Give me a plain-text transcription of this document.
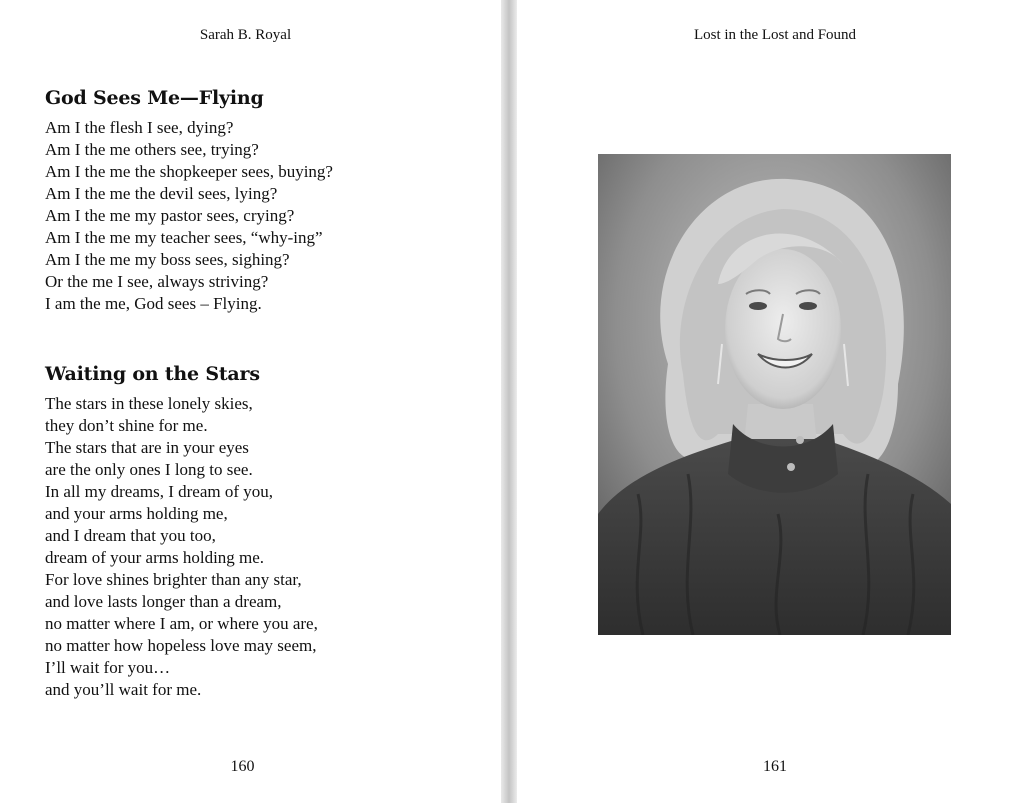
Sarah B. Royal
God Sees Me—Flying
Am I the flesh I see, dying?
Am I the me others see, trying?
Am I the me the shopkeeper sees, buying?
Am I the me the devil sees, lying?
Am I the me my pastor sees, crying?
Am I the me my teacher sees, “why-ing”
Am I the me my boss sees, sighing?
Or the me I see, always striving?
I am the me, God sees – Flying.
Waiting on the Stars
The stars in these lonely skies,
they don’t shine for me.
The stars that are in your eyes
are the only ones I long to see.
In all my dreams, I dream of you,
and your arms holding me,
and I dream that you too,
dream of your arms holding me.
For love shines brighter than any star,
and love lasts longer than a dream,
no matter where I am, or where you are,
no matter how hopeless love may seem,
I’ll wait for you…
and you’ll wait for me.
160
Lost in the Lost and Found
161
